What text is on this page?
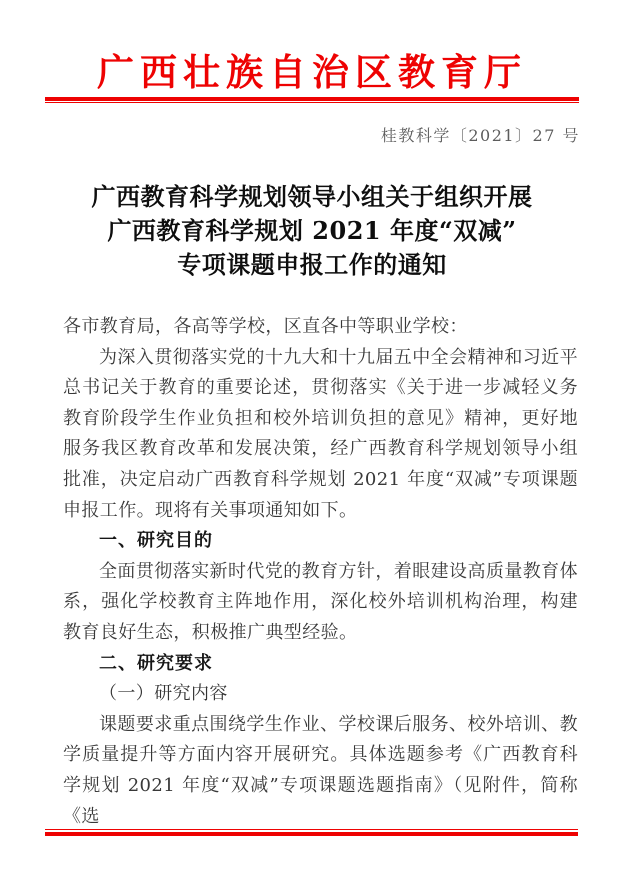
广西壮族自治区教育厅
桂教科学〔2021〕27 号
广西教育科学规划领导小组关于组织开展
广西教育科学规划 2021 年度“双减”
专项课题申报工作的通知

各市教育局，各高等学校，区直各中等职业学校：

为深入贯彻落实党的十九大和十九届五中全会精神和习近平总书记关于教育的重要论述，贯彻落实《关于进一步减轻义务教育阶段学生作业负担和校外培训负担的意见》精神，更好地服务我区教育改革和发展决策，经广西教育科学规划领导小组批准，决定启动广西教育科学规划 2021 年度“双减”专项课题申报工作。现将有关事项通知如下。

一、研究目的

全面贯彻落实新时代党的教育方针，着眼建设高质量教育体系，强化学校教育主阵地作用，深化校外培训机构治理，构建教育良好生态，积极推广典型经验。

二、研究要求

（一）研究内容

课题要求重点围绕学生作业、学校课后服务、校外培训、教学质量提升等方面内容开展研究。具体选题参考《广西教育科学规划 2021 年度“双减”专项课题选题指南》（见附件，简称《选
